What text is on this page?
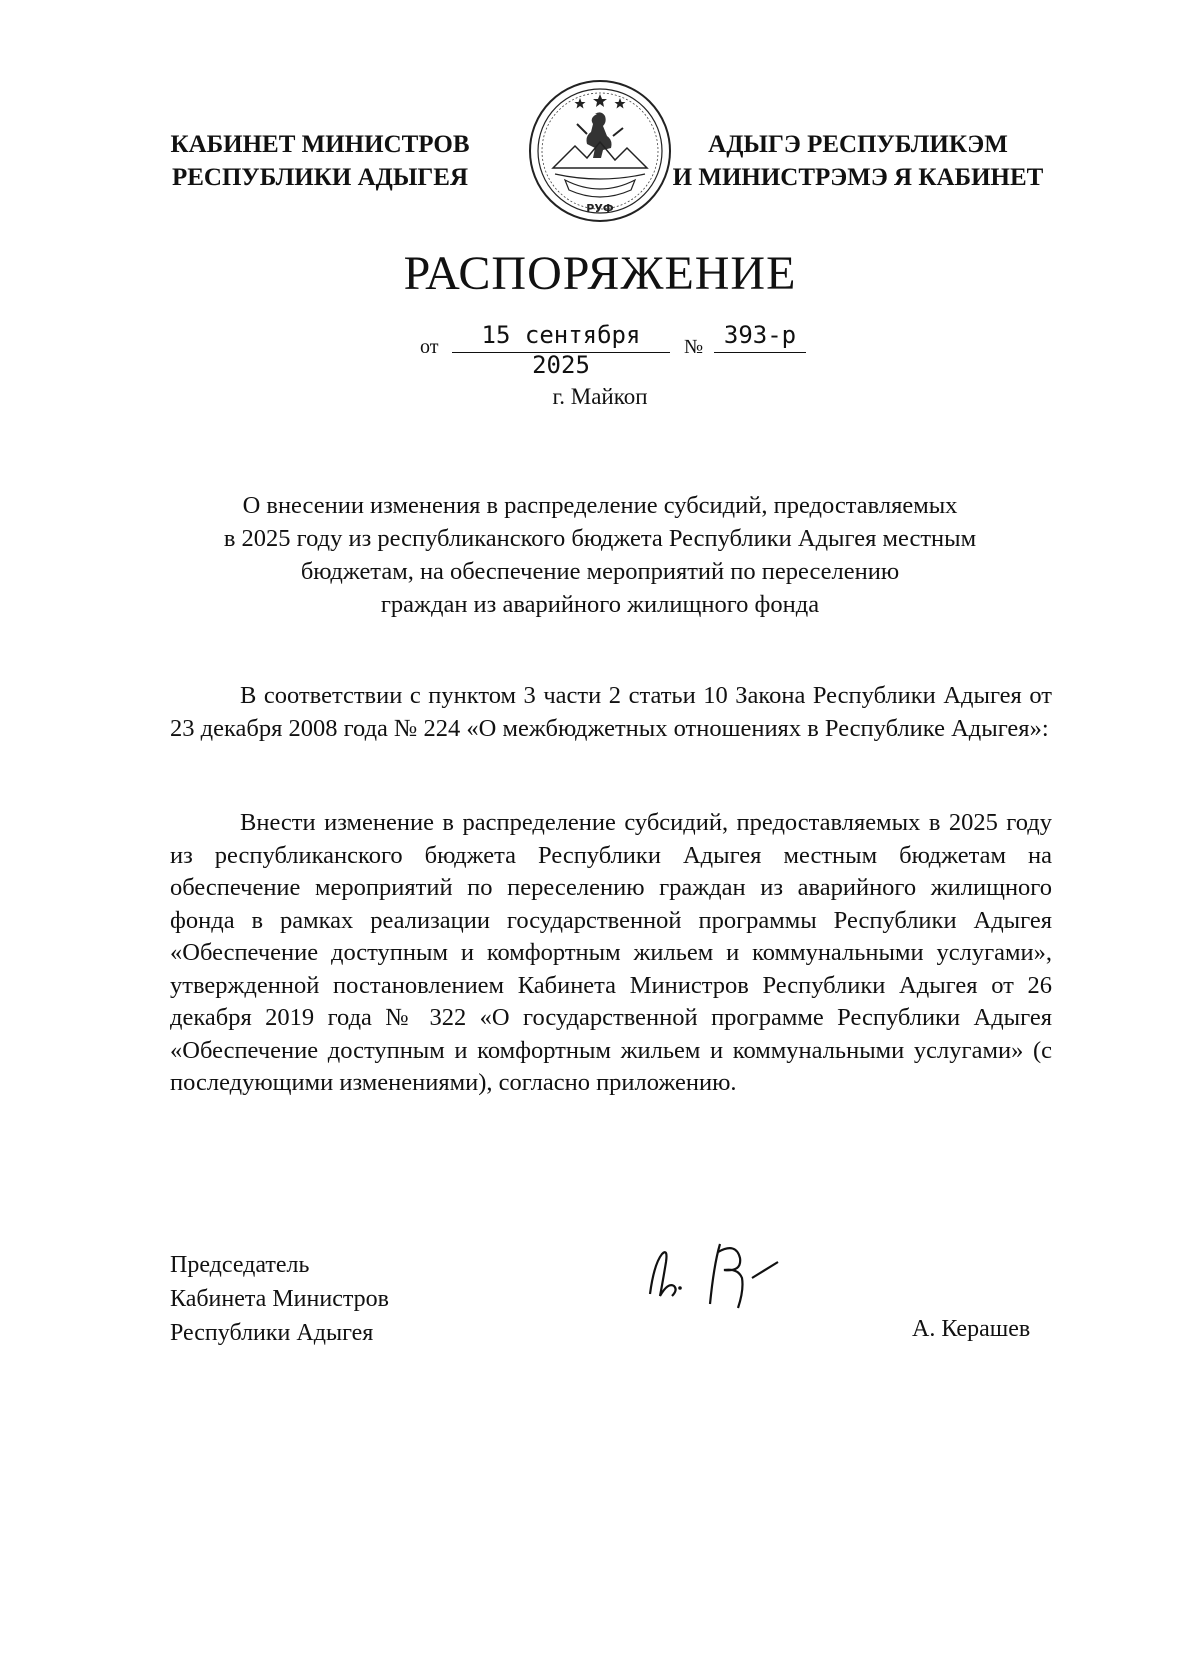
КАБИНЕТ МИНИСТРОВ
РЕСПУБЛИКИ АДЫГЕЯ
РУФ
АДЫГЭ РЕСПУБЛИКЭМ
И МИНИСТРЭМЭ Я КАБИНЕТ
РАСПОРЯЖЕНИЕ
от	15 сентября 2025
№ 393-р
г. Майкоп
О внесении изменения в распределение субсидий, предоставляемых
в 2025 году из республиканского бюджета Республики Адыгея местным
бюджетам, на обеспечение мероприятий по переселению
граждан из аварийного жилищного фонда

В соответствии с пунктом 3 части 2 статьи 10 Закона Республики Адыгея от 23 декабря 2008 года № 224 «О межбюджетных отношениях в Республике Адыгея»:

Внести изменение в распределение субсидий, предоставляемых в 2025 году из республиканского бюджета Республики Адыгея местным бюджетам на обеспечение мероприятий по переселению граждан из аварийного жилищного фонда в рамках реализации государственной программы Республики Адыгея «Обеспечение доступным и комфортным жильем и коммунальными услугами», утвержденной постановлением Кабинета Министров Республики Адыгея от 26 декабря 2019 года № 322 «О государственной программе Республики Адыгея «Обеспечение доступным и комфортным жильем и коммунальными услугами» (с последующими изменениями), согласно приложению.

Председатель
Кабинета Министров
Республики Адыгея	А. Керашев
